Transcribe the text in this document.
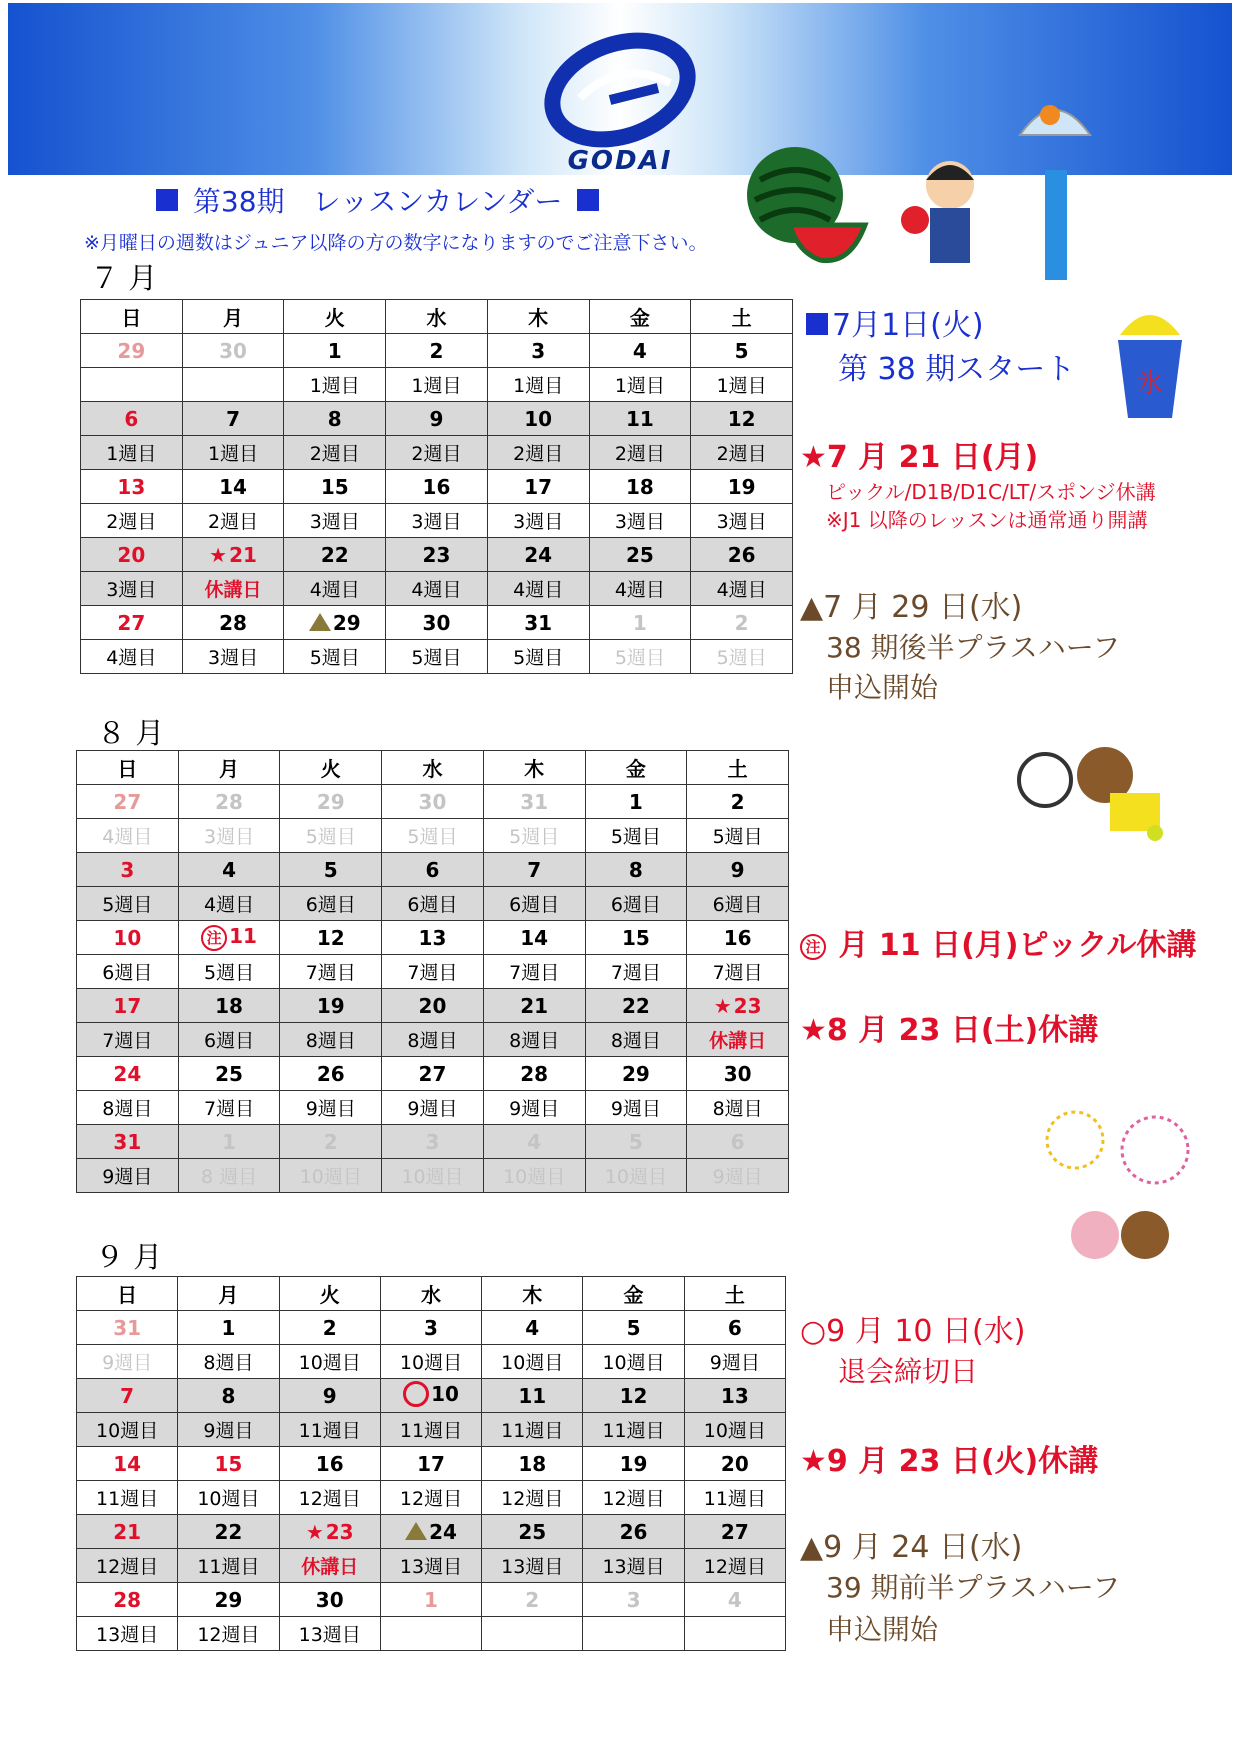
GODAI
氷
第38期　レッスンカレンダー
※月曜日の週数はジュニア以降の方の数字になりますのでご注意下さい。
７ 月
日	月	火	水	木	金	土
29	30	1	2	3	4	5
		1週目	1週目	1週目	1週目	1週目
6	7	8	9	10	11	12
1週目	1週目	2週目	2週目	2週目	2週目	2週目
13	14	15	16	17	18	19
2週目	2週目	3週目	3週目	3週目	3週目	3週目
20	★ 21	22	23	24	25	26
3週目	休講日	4週目	4週目	4週目	4週目	4週目
27	28	29	30	31	1	2
4週目	3週目	5週目	5週目	5週目	5週目	5週目
８ 月
日	月	火	水	木	金	土
27	28	29	30	31	1	2
4週目	3週目	5週目	5週目	5週目	5週目	5週目
3	4	5	6	7	8	9
5週目	4週目	6週目	6週目	6週目	6週目	6週目
10	注 11	12	13	14	15	16
6週目	5週目	7週目	7週目	7週目	7週目	7週目
17	18	19	20	21	22	★ 23
7週目	6週目	8週目	8週目	8週目	8週目	休講日
24	25	26	27	28	29	30
8週目	7週目	9週目	9週目	9週目	9週目	8週目
31	1	2	3	4	5	6
9週目	8 週目	10週目	10週目	10週目	10週目	9週目
９ 月
日	月	火	水	木	金	土
31	1	2	3	4	5	6
9週目	8週目	10週目	10週目	10週目	10週目	9週目
7	8	9	10	11	12	13
10週目	9週目	11週目	11週目	11週目	11週目	10週目
14	15	16	17	18	19	20
11週目	10週目	12週目	12週目	12週目	12週目	11週目
21	22	★ 23	24	25	26	27
12週目	11週目	休講日	13週目	13週目	13週目	12週目
28	29	30	1	2	3	4
13週目	12週目	13週目				
7月1日(火)
第 38 期スタート
★7 月 21 日(月)
ピックル/D1B/D1C/LT/スポンジ休講
※J1 以降のレッスンは通常通り開講
▲7 月 29 日(水)
38 期後半プラスハーフ
申込開始
注 月 11 日(月)ピックル休講
★8 月 23 日(土)休講
○9 月 10 日(水)
退会締切日
★9 月 23 日(火)休講
▲9 月 24 日(水)
39 期前半プラスハーフ
申込開始
